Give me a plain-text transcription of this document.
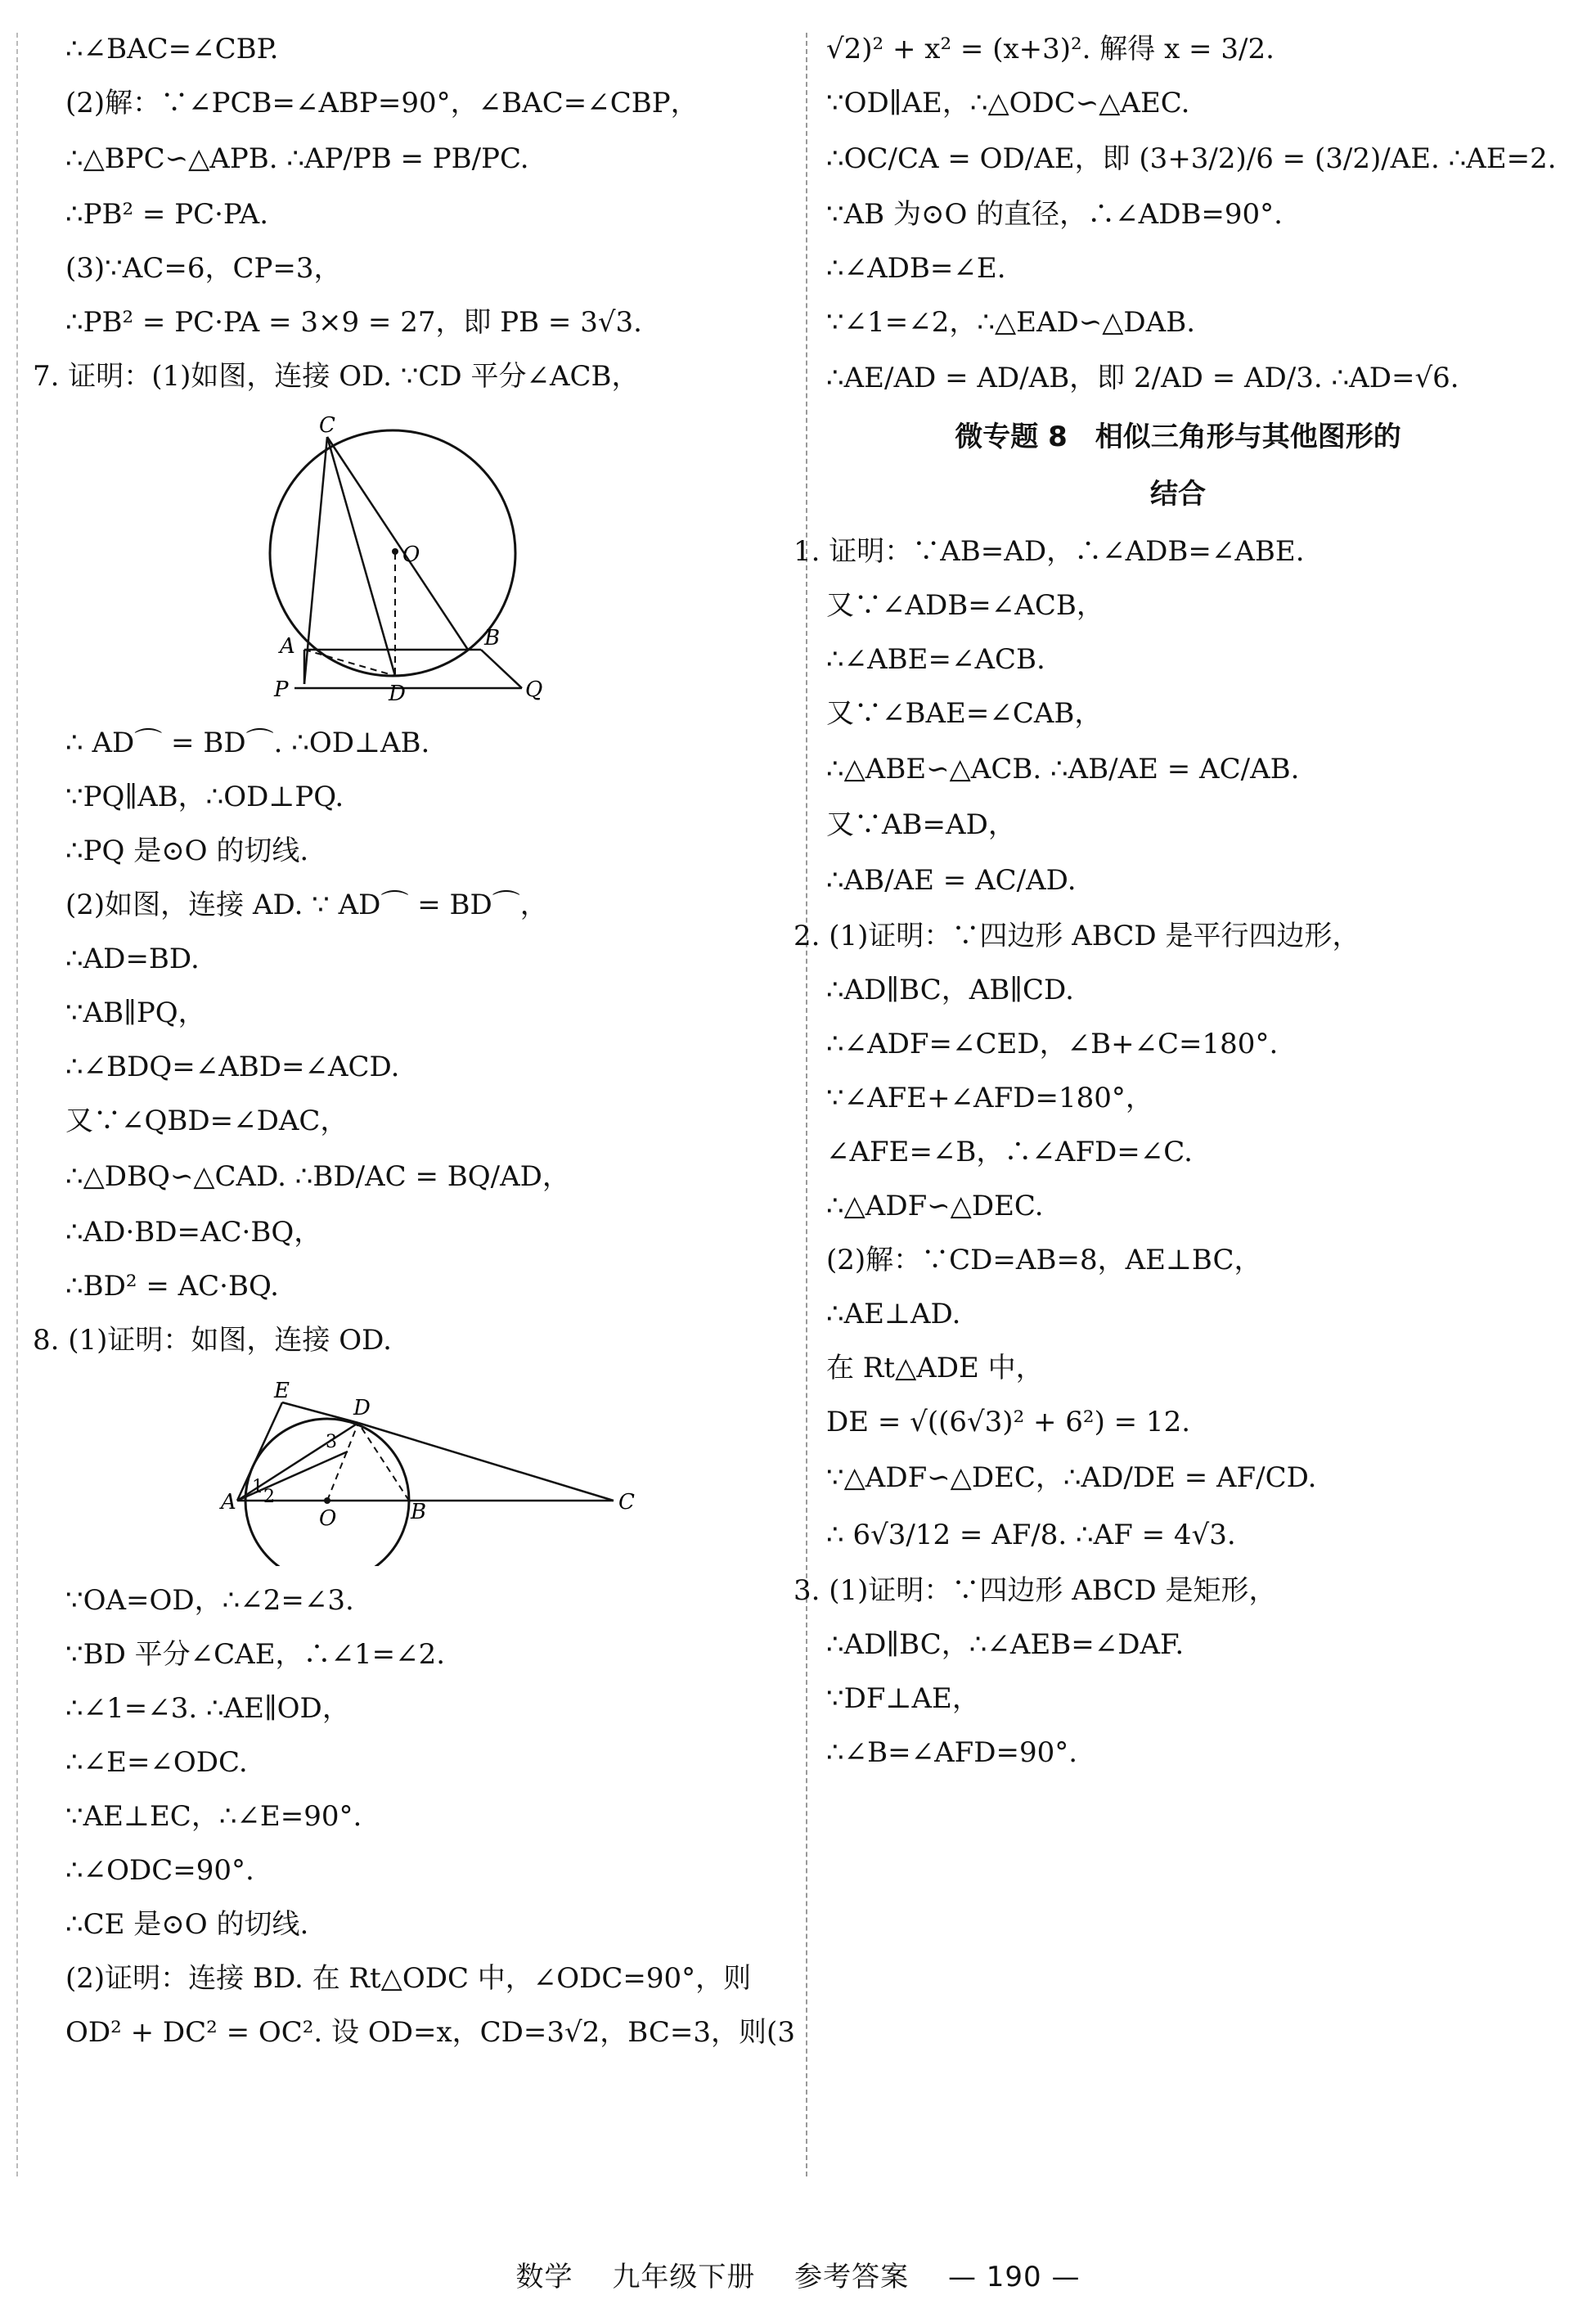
∴∠BAC=∠CBP.
(2)解：∵∠PCB=∠ABP=90°，∠BAC=∠CBP，
∴△BPC∽△APB. ∴AP/PB = PB/PC.
∴PB² = PC·PA.
(3)∵AC=6，CP=3，
∴PB² = PC·PA = 3×9 = 27，即 PB = 3√3.
7. 证明：(1)如图，连接 OD. ∵CD 平分∠ACB，
C
O
A	B
P	D	Q
∴ AD⌒ = BD⌒. ∴OD⊥AB.
∵PQ∥AB，∴OD⊥PQ.
∴PQ 是⊙O 的切线.
(2)如图，连接 AD. ∵ AD⌒ = BD⌒，
∴AD=BD.
∵AB∥PQ，
∴∠BDQ=∠ABD=∠ACD.
又∵∠QBD=∠DAC，
∴△DBQ∽△CAD. ∴BD/AC = BQ/AD，
∴AD·BD=AC·BQ，
∴BD² = AC·BQ.
8. (1)证明：如图，连接 OD.
E
D
3
1 2
A
O	B	C
∵OA=OD，∴∠2=∠3.
∵BD 平分∠CAE，∴∠1=∠2.
∴∠1=∠3. ∴AE∥OD，
∴∠E=∠ODC.
∵AE⊥EC，∴∠E=90°.
∴∠ODC=90°.
∴CE 是⊙O 的切线.
(2)证明：连接 BD. 在 Rt△ODC 中，∠ODC=90°，则
OD² + DC² = OC². 设 OD=x，CD=3√2，BC=3，则(3
√2)² + x² = (x+3)². 解得 x = 3/2.
∵OD∥AE，∴△ODC∽△AEC.
∴OC/CA = OD/AE，即 (3+3/2)/6 = (3/2)/AE. ∴AE=2.
∵AB 为⊙O 的直径，∴∠ADB=90°.
∴∠ADB=∠E.
∵∠1=∠2，∴△EAD∽△DAB.
∴AE/AD = AD/AB，即 2/AD = AD/3. ∴AD=√6.
微专题 8　相似三角形与其他图形的
结合
1. 证明：∵AB=AD，∴∠ADB=∠ABE.
又∵∠ADB=∠ACB，
∴∠ABE=∠ACB.
又∵∠BAE=∠CAB，
∴△ABE∽△ACB. ∴AB/AE = AC/AB.
又∵AB=AD，
∴AB/AE = AC/AD.
2. (1)证明：∵四边形 ABCD 是平行四边形，
∴AD∥BC，AB∥CD.
∴∠ADF=∠CED，∠B+∠C=180°.
∵∠AFE+∠AFD=180°，
∠AFE=∠B，∴∠AFD=∠C.
∴△ADF∽△DEC.
(2)解：∵CD=AB=8，AE⊥BC，
∴AE⊥AD.
在 Rt△ADE 中，
DE = √((6√3)² + 6²) = 12.
∵△ADF∽△DEC，∴AD/DE = AF/CD.
∴ 6√3/12 = AF/8. ∴AF = 4√3.
3. (1)证明：∵四边形 ABCD 是矩形，
∴AD∥BC，∴∠AEB=∠DAF.
∵DF⊥AE，
∴∠B=∠AFD=90°.
数学 九年级下册 参考答案 — 190 —
